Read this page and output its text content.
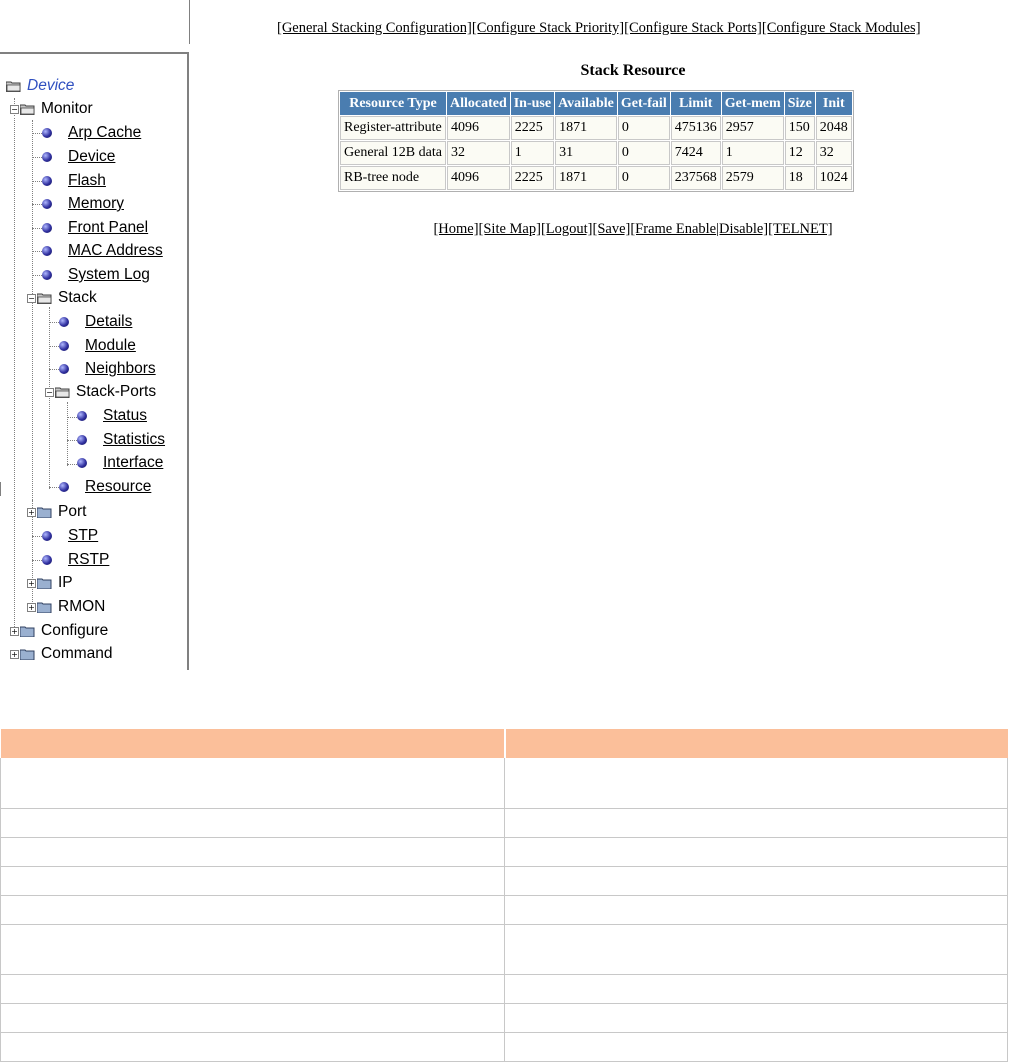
Device
− Monitor
Arp Cache
Device
Flash
Memory
Front Panel
MAC Address
System Log
− Stack
Details
Module
Neighbors
− Stack-Ports
Status
Statistics
Interface
Resource
+ Port
STP
RSTP
+ IP
+ RMON
+ Configure
+ Command
[General Stacking Configuration][Configure Stack Priority][Configure Stack Ports][Configure Stack Modules]
Stack Resource
Resource Type	Allocated	In-use	Available	Get-fail	Limit	Get-mem	Size	Init
Register-attribute	4096	2225	1871	0	475136	2957	150	2048
General 12B data	32	1	31	0	7424	1	12	32
RB-tree node	4096	2225	1871	0	237568	2579	18	1024
[Home][Site Map][Logout][Save][Frame Enable|Disable][TELNET]
